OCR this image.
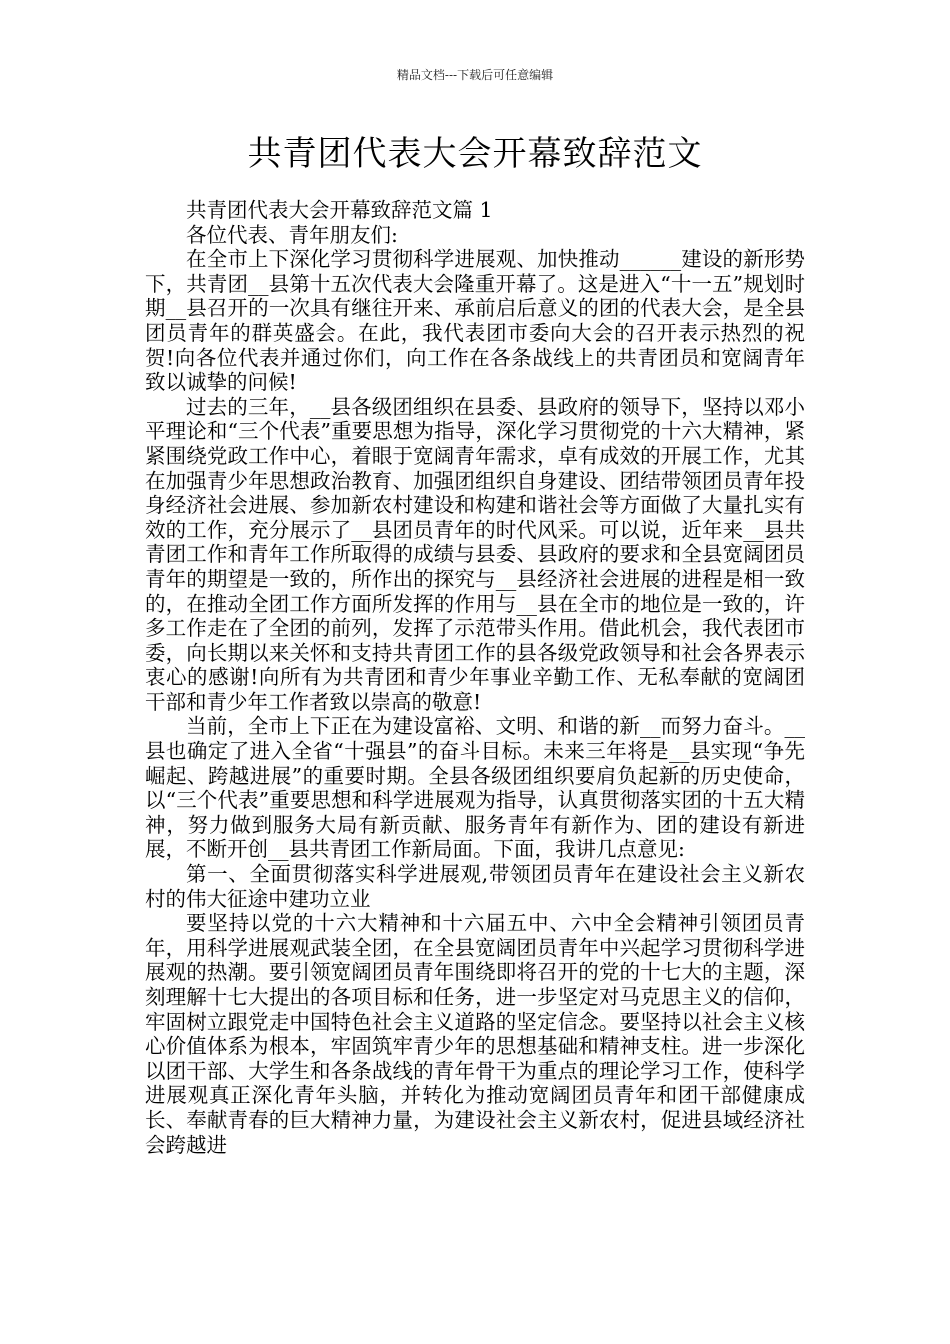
精品文档---下载后可任意编辑
共青团代表大会开幕致辞范文

共青团代表大会开幕致辞范文篇 1

各位代表、青年朋友们:

在全市上下深化学习贯彻科学进展观、加快推动______建设的新形势下，共青团__县第十五次代表大会隆重开幕了。这是进入“十一五”规划时期__县召开的一次具有继往开来、承前启后意义的团的代表大会，是全县团员青年的群英盛会。在此，我代表团市委向大会的召开表示热烈的祝贺!向各位代表并通过你们，向工作在各条战线上的共青团员和宽阔青年致以诚挚的问候!

过去的三年，__县各级团组织在县委、县政府的领导下，坚持以邓小平理论和“三个代表”重要思想为指导，深化学习贯彻党的十六大精神，紧紧围绕党政工作中心，着眼于宽阔青年需求，卓有成效的开展工作，尤其在加强青少年思想政治教育、加强团组织自身建设、团结带领团员青年投身经济社会进展、参加新农村建设和构建和谐社会等方面做了大量扎实有效的工作，充分展示了__县团员青年的时代风采。可以说，近年来__县共青团工作和青年工作所取得的成绩与县委、县政府的要求和全县宽阔团员青年的期望是一致的，所作出的探究与__县经济社会进展的进程是相一致的，在推动全团工作方面所发挥的作用与__县在全市的地位是一致的，许多工作走在了全团的前列，发挥了示范带头作用。借此机会，我代表团市委，向长期以来关怀和支持共青团工作的县各级党政领导和社会各界表示衷心的感谢!向所有为共青团和青少年事业辛勤工作、无私奉献的宽阔团干部和青少年工作者致以崇高的敬意!

当前，全市上下正在为建设富裕、文明、和谐的新__而努力奋斗。__县也确定了进入全省“十强县”的奋斗目标。未来三年将是__县实现“争先崛起、跨越进展”的重要时期。全县各级团组织要肩负起新的历史使命，以“三个代表”重要思想和科学进展观为指导，认真贯彻落实团的十五大精神，努力做到服务大局有新贡献、服务青年有新作为、团的建设有新进展，不断开创__县共青团工作新局面。下面，我讲几点意见:

第一、全面贯彻落实科学进展观,带领团员青年在建设社会主义新农村的伟大征途中建功立业

要坚持以党的十六大精神和十六届五中、六中全会精神引领团员青年，用科学进展观武装全团，在全县宽阔团员青年中兴起学习贯彻科学进展观的热潮。要引领宽阔团员青年围绕即将召开的党的十七大的主题，深刻理解十七大提出的各项目标和任务，进一步坚定对马克思主义的信仰，牢固树立跟党走中国特色社会主义道路的坚定信念。要坚持以社会主义核心价值体系为根本，牢固筑牢青少年的思想基础和精神支柱。进一步深化以团干部、大学生和各条战线的青年骨干为重点的理论学习工作，使科学进展观真正深化青年头脑，并转化为推动宽阔团员青年和团干部健康成长、奉献青春的巨大精神力量，为建设社会主义新农村，促进县域经济社会跨越进
